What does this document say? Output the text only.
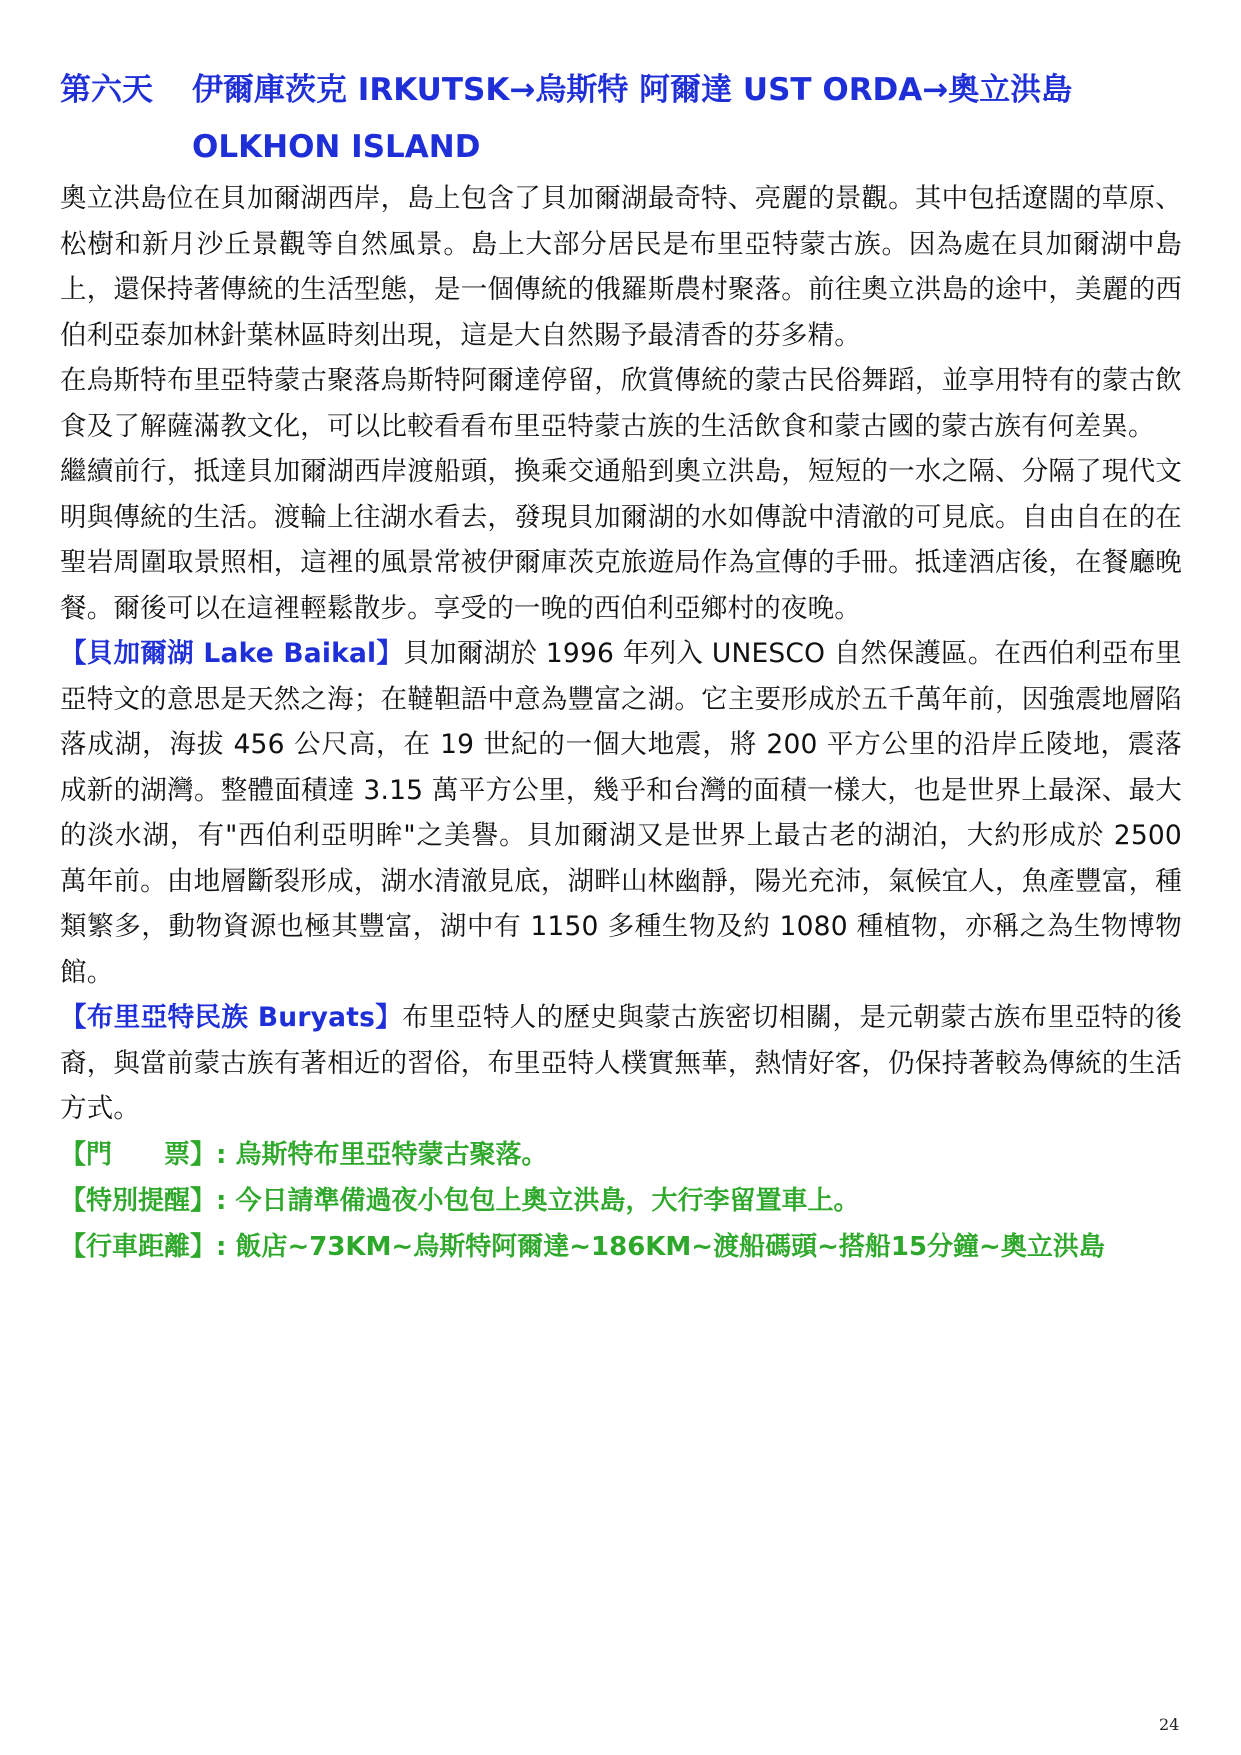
第六天	伊爾庫茨克 IRKUTSK→烏斯特 阿爾達 UST ORDA→奧立洪島 OLKHON ISLAND

奧立洪島位在貝加爾湖西岸，島上包含了貝加爾湖最奇特、亮麗的景觀。其中包括遼闊的草原、松樹和新月沙丘景觀等自然風景。島上大部分居民是布里亞特蒙古族。因為處在貝加爾湖中島上，還保持著傳統的生活型態，是一個傳統的俄羅斯農村聚落。前往奧立洪島的途中，美麗的西伯利亞泰加林針葉林區時刻出現，這是大自然賜予最清香的芬多精。

在烏斯特布里亞特蒙古聚落烏斯特阿爾達停留，欣賞傳統的蒙古民俗舞蹈，並享用特有的蒙古飲食及了解薩滿教文化，可以比較看看布里亞特蒙古族的生活飲食和蒙古國的蒙古族有何差異。

繼續前行，抵達貝加爾湖西岸渡船頭，換乘交通船到奧立洪島，短短的一水之隔、分隔了現代文明與傳統的生活。渡輪上往湖水看去，發現貝加爾湖的水如傳說中清澈的可見底。自由自在的在聖岩周圍取景照相，這裡的風景常被伊爾庫茨克旅遊局作為宣傳的手冊。抵達酒店後，在餐廳晚餐。爾後可以在這裡輕鬆散步。享受的一晚的西伯利亞鄉村的夜晚。

【貝加爾湖 Lake Baikal】貝加爾湖於 1996 年列入 UNESCO 自然保護區。在西伯利亞布里亞特文的意思是天然之海；在韃靼語中意為豐富之湖。它主要形成於五千萬年前，因強震地層陷落成湖，海拔 456 公尺高，在 19 世紀的一個大地震，將 200 平方公里的沿岸丘陵地，震落成新的湖灣。整體面積達 3.15 萬平方公里，幾乎和台灣的面積一樣大，也是世界上最深、最大的淡水湖，有"西伯利亞明眸"之美譽。貝加爾湖又是世界上最古老的湖泊，大約形成於 2500 萬年前。由地層斷裂形成，湖水清澈見底，湖畔山林幽靜，陽光充沛，氣候宜人，魚產豐富，種類繁多，動物資源也極其豐富，湖中有 1150 多種生物及約 1080 種植物，亦稱之為生物博物館。

【布里亞特民族 Buryats】布里亞特人的歷史與蒙古族密切相關，是元朝蒙古族布里亞特的後裔，與當前蒙古族有著相近的習俗，布里亞特人樸實無華，熱情好客，仍保持著較為傳統的生活方式。

【門　　票】: 烏斯特布里亞特蒙古聚落。

【特別提醒】: 今日請準備過夜小包包上奧立洪島，大行李留置車上。

【行車距離】: 飯店~73KM~烏斯特阿爾達~186KM~渡船碼頭~搭船15分鐘~奧立洪島

24
